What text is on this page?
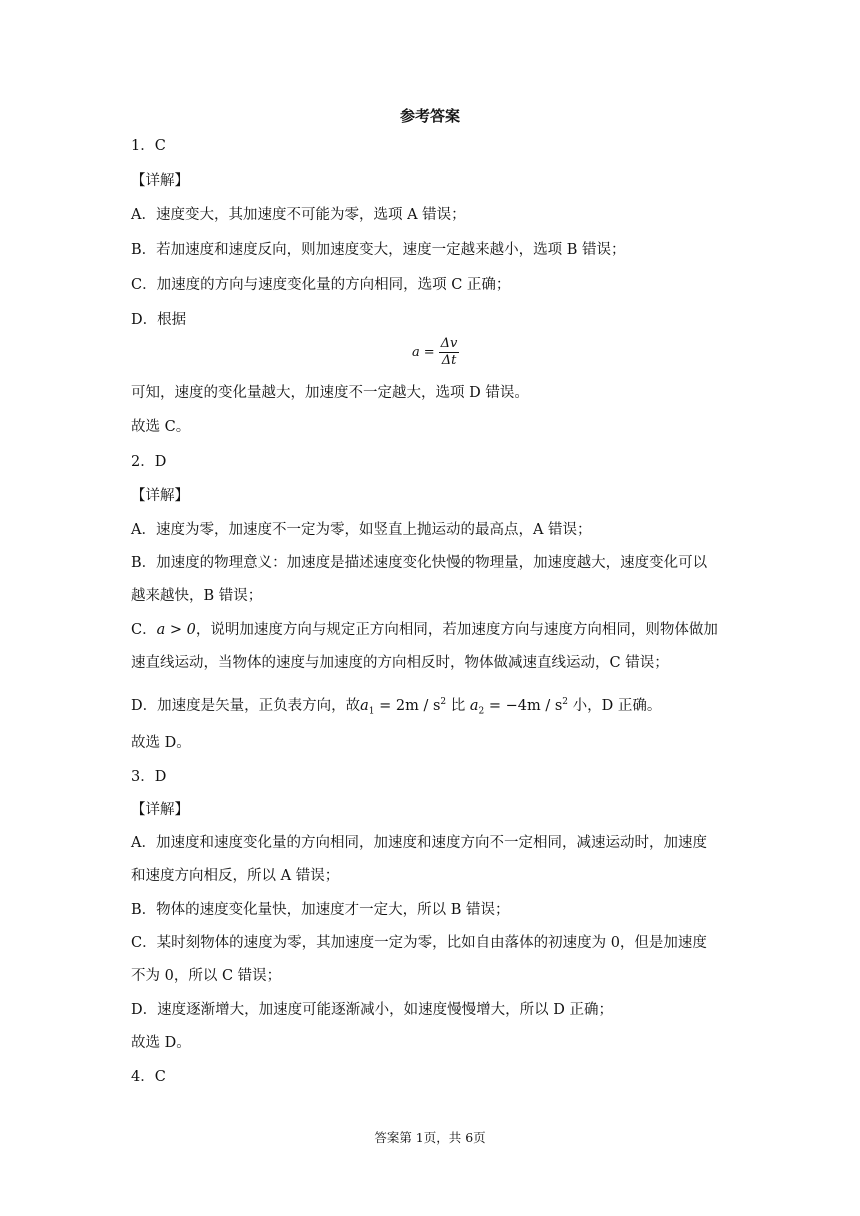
参考答案
1．C
【详解】
A．速度变大，其加速度不可能为零，选项 A 错误；
B．若加速度和速度反向，则加速度变大，速度一定越来越小，选项 B 错误；
C．加速度的方向与速度变化量的方向相同，选项 C 正确；
D．根据
$a = \frac{\Delta v}{\Delta t}$
可知，速度的变化量越大，加速度不一定越大，选项 D 错误。
故选 C。
2．D
【详解】
A．速度为零，加速度不一定为零，如竖直上抛运动的最高点，A 错误；
B．加速度的物理意义：加速度是描述速度变化快慢的物理量，加速度越大，速度变化可以
越来越快，B 错误；
C．a > 0，说明加速度方向与规定正方向相同，若加速度方向与速度方向相同，则物体做加
速直线运动，当物体的速度与加速度的方向相反时，物体做减速直线运动，C 错误；
D．加速度是矢量，正负表方向，故$a_1 = 2m / s^2$ 比 $a_2 = -4m / s^2$ 小，D 正确。
故选 D。
3．D
【详解】
A．加速度和速度变化量的方向相同，加速度和速度方向不一定相同，减速运动时，加速度
和速度方向相反，所以 A 错误；
B．物体的速度变化量快，加速度才一定大，所以 B 错误；
C．某时刻物体的速度为零，其加速度一定为零，比如自由落体的初速度为 0，但是加速度
不为 0，所以 C 错误；
D．速度逐渐增大，加速度可能逐渐减小，如速度慢慢增大，所以 D 正确；
故选 D。
4．C
答案第 1页，共 6页
